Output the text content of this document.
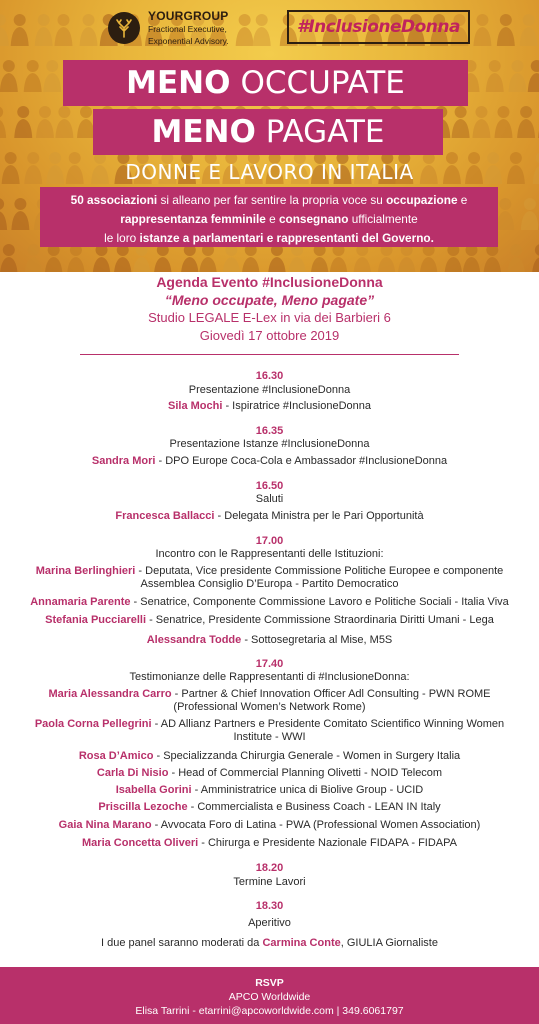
YOURGROUP
Fractional Executive,
Exponential Advisory.
#InclusioneDonna
MENO OCCUPATE
MENO PAGATE
DONNE E LAVORO IN ITALIA
50 associazioni si alleano per far sentire la propria voce su occupazione e
rappresentanza femminile e consegnano ufficialmente
le loro istanze a parlamentari e rappresentanti del Governo.
Agenda Evento #InclusioneDonna
“Meno occupate, Meno pagate”
Studio LEGALE E-Lex in via dei Barbieri 6
Giovedì 17 ottobre 2019
16.30
Presentazione #InclusioneDonna
Sila Mochi - Ispiratrice #InclusioneDonna
16.35
Presentazione Istanze #InclusioneDonna
Sandra Mori - DPO Europe Coca-Cola e Ambassador #InclusioneDonna
16.50
Saluti
Francesca Ballacci - Delegata Ministra per le Pari Opportunità
17.00
Incontro con le Rappresentanti delle Istituzioni:
Marina Berlinghieri - Deputata, Vice presidente Commissione Politiche Europee e componente
Assemblea Consiglio D’Europa - Partito Democratico
Annamaria Parente - Senatrice, Componente Commissione Lavoro e Politiche Sociali - Italia Viva
Stefania Pucciarelli - Senatrice, Presidente Commissione Straordinaria Diritti Umani - Lega
Alessandra Todde - Sottosegretaria al Mise, M5S
17.40
Testimonianze delle Rappresentanti di #InclusioneDonna:
Maria Alessandra Carro - Partner & Chief Innovation Officer Adl Consulting - PWN ROME
(Professional Women’s Network Rome)
Paola Corna Pellegrini - AD Allianz Partners e Presidente Comitato Scientifico Winning Women
Institute - WWI
Rosa D’Amico - Specializzanda Chirurgia Generale - Women in Surgery Italia
Carla Di Nisio - Head of Commercial Planning Olivetti - NOID Telecom
Isabella Gorini - Amministratrice unica di Biolive Group - UCID
Priscilla Lezoche - Commercialista e Business Coach - LEAN IN Italy
Gaia Nina Marano - Avvocata Foro di Latina - PWA (Professional Women Association)
Maria Concetta Oliveri - Chirurga e Presidente Nazionale FIDAPA - FIDAPA
18.20
Termine Lavori
18.30
Aperitivo
I due panel saranno moderati da Carmina Conte, GIULIA Giornaliste
RSVP
APCO Worldwide
Elisa Tarrini - etarrini@apcoworldwide.com | 349.6061797
